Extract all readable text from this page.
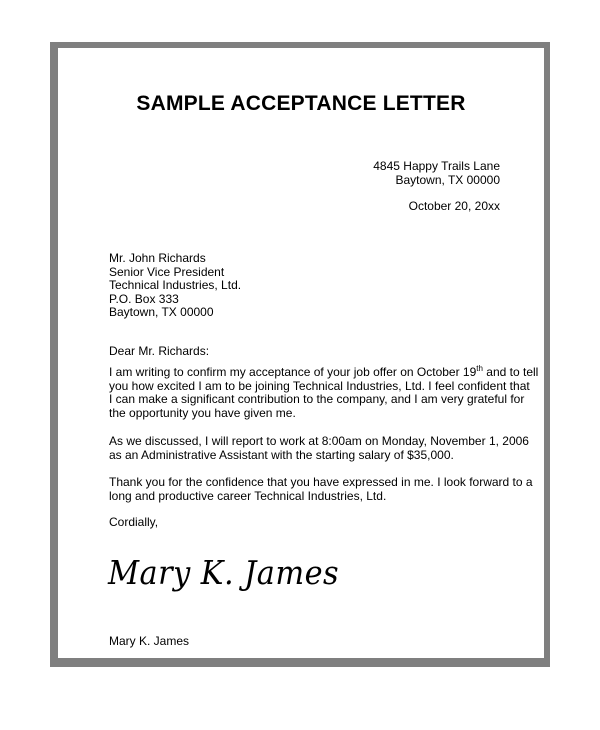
SAMPLE ACCEPTANCE LETTER
4845 Happy Trails Lane
Baytown, TX 00000
October 20, 20xx
Mr. John Richards
Senior Vice President
Technical Industries, Ltd.
P.O. Box 333
Baytown, TX 00000
Dear Mr. Richards:
I am writing to confirm my acceptance of your job offer on October 19th and to tell
you how excited I am to be joining Technical Industries, Ltd. I feel confident that
I can make a significant contribution to the company, and I am very grateful for
the opportunity you have given me.
As we discussed, I will report to work at 8:00am on Monday, November 1, 2006
as an Administrative Assistant with the starting salary of $35,000.
Thank you for the confidence that you have expressed in me. I look forward to a
long and productive career Technical Industries, Ltd.
Cordially,
Mary K. James
Mary K. James
